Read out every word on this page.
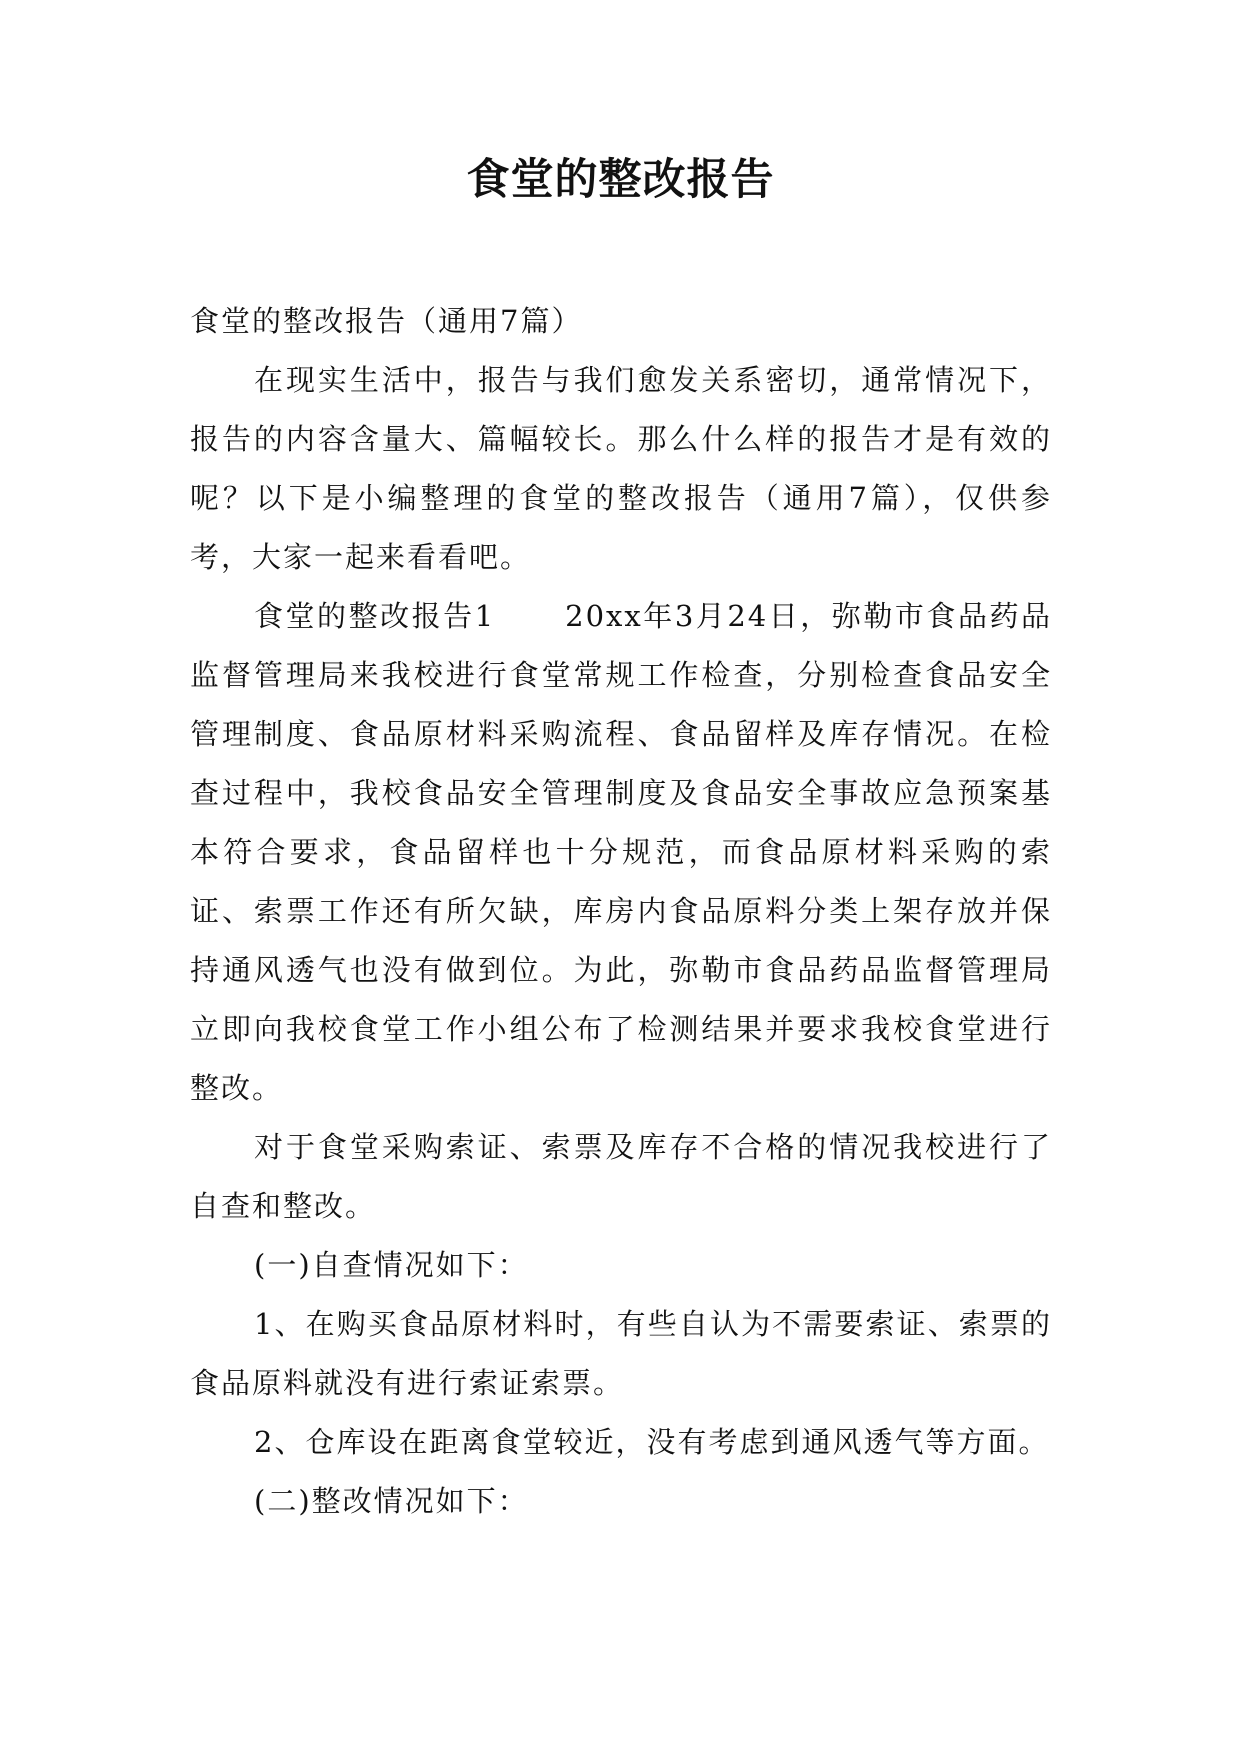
食堂的整改报告

食堂的整改报告（通用7篇）

在现实生活中，报告与我们愈发关系密切，通常情况下，报告的内容含量大、篇幅较长。那么什么样的报告才是有效的呢？以下是小编整理的食堂的整改报告（通用7篇），仅供参考，大家一起来看看吧。

食堂的整改报告1 20xx年3月24日，弥勒市食品药品监督管理局来我校进行食堂常规工作检查，分别检查食品安全管理制度、食品原材料采购流程、食品留样及库存情况。在检查过程中，我校食品安全管理制度及食品安全事故应急预案基本符合要求，食品留样也十分规范，而食品原材料采购的索证、索票工作还有所欠缺，库房内食品原料分类上架存放并保持通风透气也没有做到位。为此，弥勒市食品药品监督管理局立即向我校食堂工作小组公布了检测结果并要求我校食堂进行整改。

对于食堂采购索证、索票及库存不合格的情况我校进行了自查和整改。

(一)自查情况如下：

1、在购买食品原材料时，有些自认为不需要索证、索票的食品原料就没有进行索证索票。

2、仓库设在距离食堂较近，没有考虑到通风透气等方面。

(二)整改情况如下：
